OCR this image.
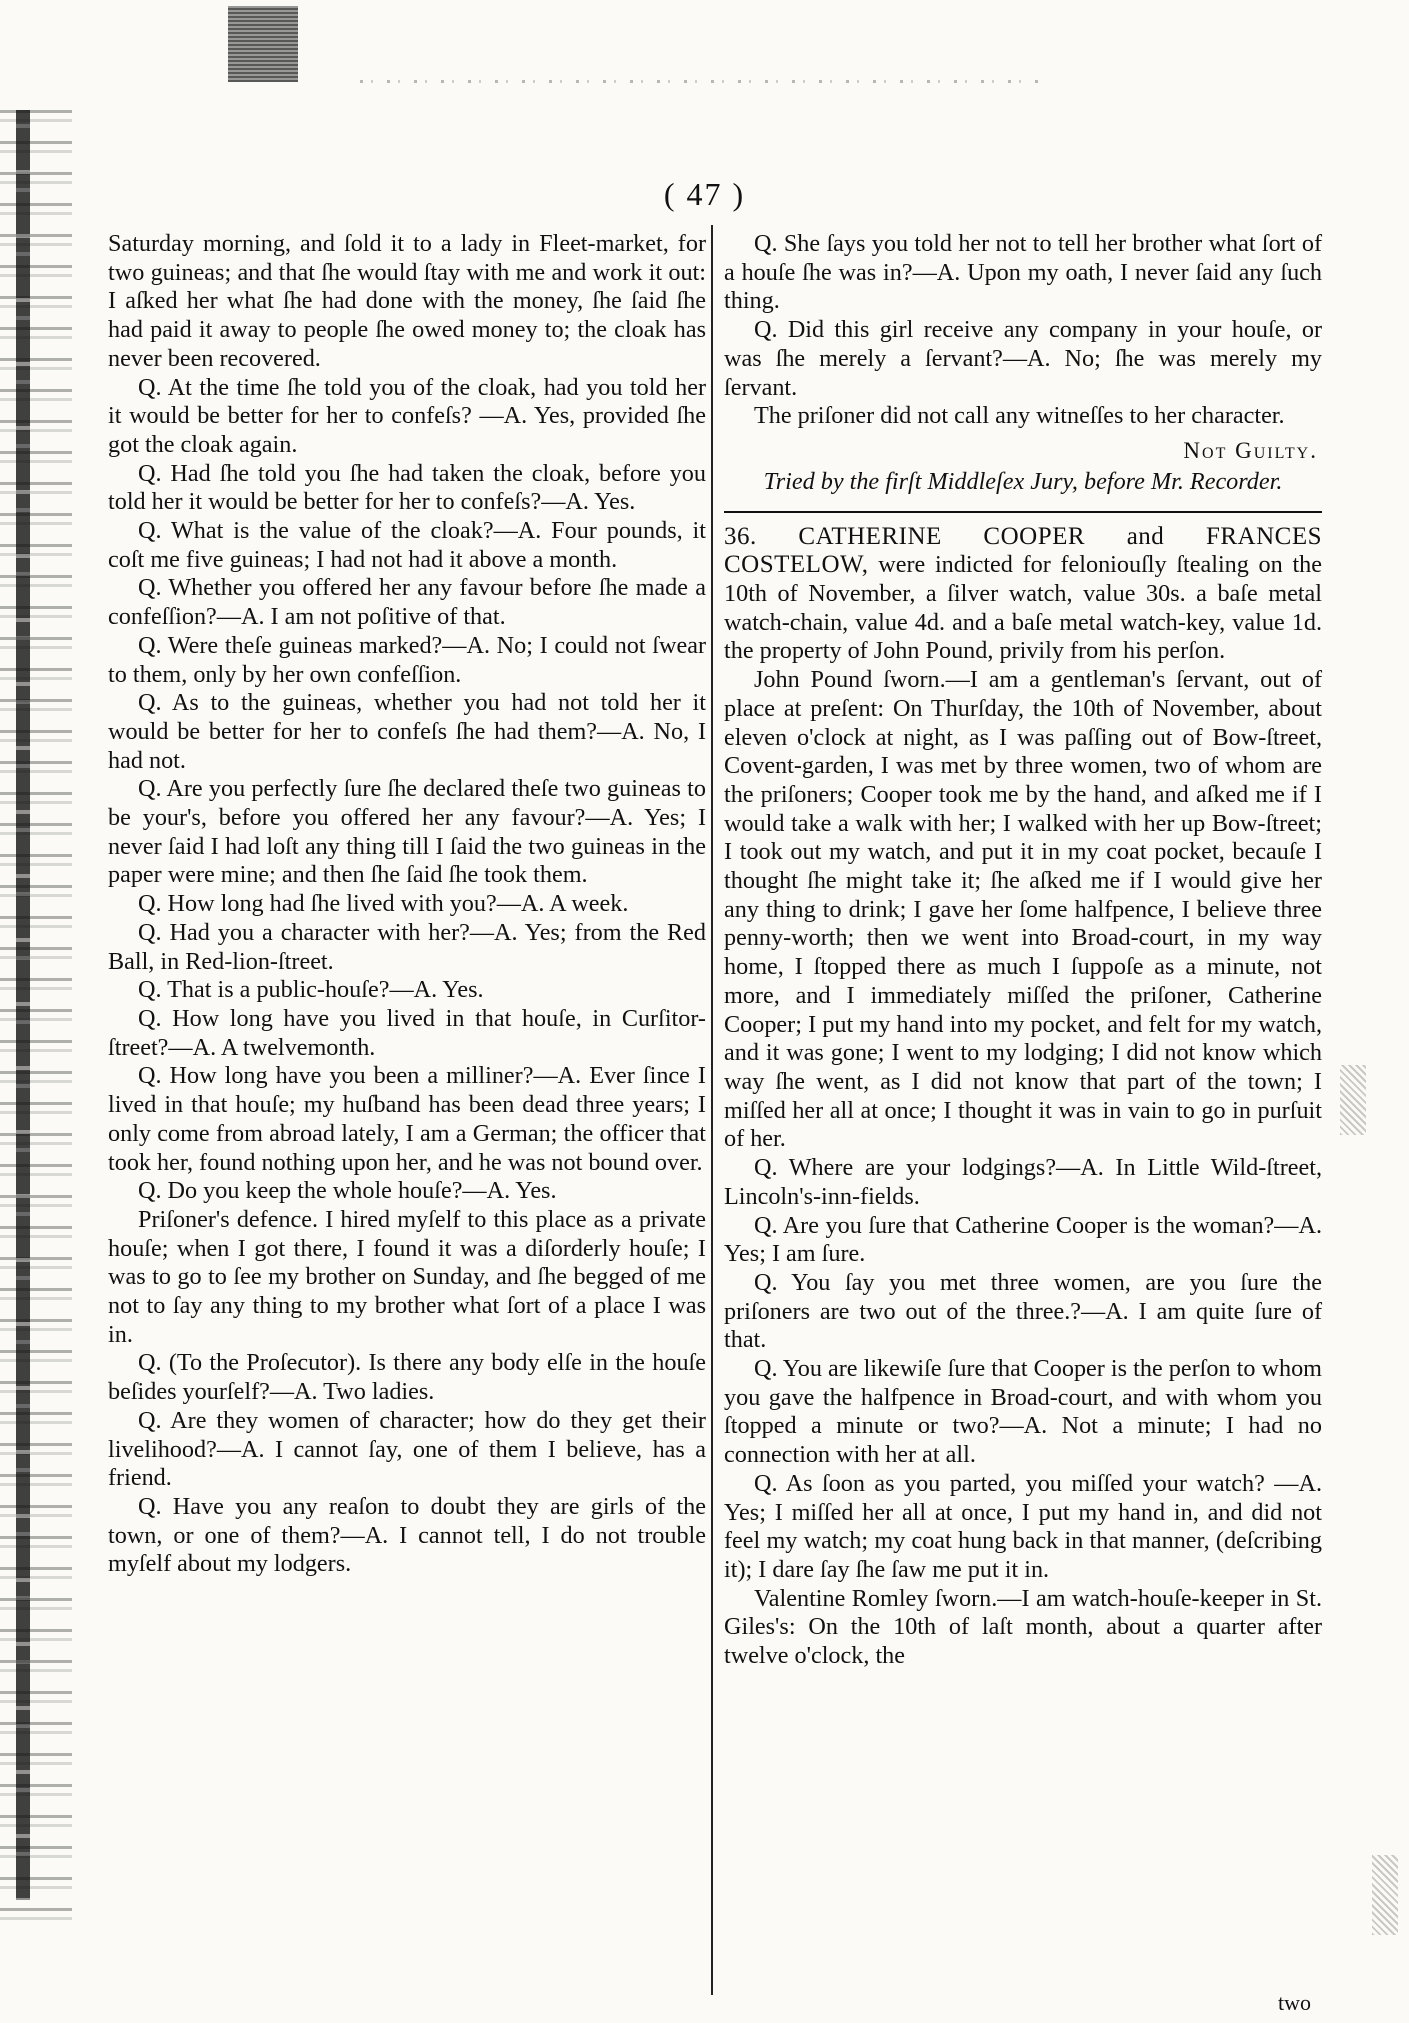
( 47 )

Saturday morning, and ſold it to a lady in Fleet-market, for two guineas; and that ſhe would ſtay with me and work it out: I aſked her what ſhe had done with the money, ſhe ſaid ſhe had paid it away to people ſhe owed money to; the cloak has never been recovered.

Q. At the time ſhe told you of the cloak, had you told her it would be better for her to confeſs? —A. Yes, provided ſhe got the cloak again.

Q. Had ſhe told you ſhe had taken the cloak, before you told her it would be better for her to confeſs?—A. Yes.

Q. What is the value of the cloak?—A. Four pounds, it coſt me five guineas; I had not had it above a month.

Q. Whether you offered her any favour before ſhe made a confeſſion?—A. I am not poſitive of that.

Q. Were theſe guineas marked?—A. No; I could not ſwear to them, only by her own confeſſion.

Q. As to the guineas, whether you had not told her it would be better for her to confeſs ſhe had them?—A. No, I had not.

Q. Are you perfectly ſure ſhe declared theſe two guineas to be your's, before you offered her any favour?—A. Yes; I never ſaid I had loſt any thing till I ſaid the two guineas in the paper were mine; and then ſhe ſaid ſhe took them.

Q. How long had ſhe lived with you?—A. A week.

Q. Had you a character with her?—A. Yes; from the Red Ball, in Red-lion-ſtreet.

Q. That is a public-houſe?—A. Yes.

Q. How long have you lived in that houſe, in Curſitor-ſtreet?—A. A twelvemonth.

Q. How long have you been a milliner?—A. Ever ſince I lived in that houſe; my huſband has been dead three years; I only come from abroad lately, I am a German; the officer that took her, found nothing upon her, and he was not bound over.

Q. Do you keep the whole houſe?—A. Yes.

Priſoner's defence. I hired myſelf to this place as a private houſe; when I got there, I found it was a diſorderly houſe; I was to go to ſee my brother on Sunday, and ſhe begged of me not to ſay any thing to my brother what ſort of a place I was in.

Q. (To the Proſecutor). Is there any body elſe in the houſe beſides yourſelf?—A. Two ladies.

Q. Are they women of character; how do they get their livelihood?—A. I cannot ſay, one of them I believe, has a friend.

Q. Have you any reaſon to doubt they are girls of the town, or one of them?—A. I cannot tell, I do not trouble myſelf about my lodgers.

Q. She ſays you told her not to tell her brother what ſort of a houſe ſhe was in?—A. Upon my oath, I never ſaid any ſuch thing.

Q. Did this girl receive any company in your houſe, or was ſhe merely a ſervant?—A. No; ſhe was merely my ſervant.

The priſoner did not call any witneſſes to her character.

Not Guilty.

Tried by the firſt Middleſex Jury, before Mr. Recorder.

36. CATHERINE COOPER and FRANCES COSTELOW, were indicted for feloniouſly ſtealing on the 10th of November, a ſilver watch, value 30s. a baſe metal watch-chain, value 4d. and a baſe metal watch-key, value 1d. the property of John Pound, privily from his perſon.

John Pound ſworn.—I am a gentleman's ſervant, out of place at preſent: On Thurſday, the 10th of November, about eleven o'clock at night, as I was paſſing out of Bow-ſtreet, Covent-garden, I was met by three women, two of whom are the priſoners; Cooper took me by the hand, and aſked me if I would take a walk with her; I walked with her up Bow-ſtreet; I took out my watch, and put it in my coat pocket, becauſe I thought ſhe might take it; ſhe aſked me if I would give her any thing to drink; I gave her ſome halfpence, I believe three penny-worth; then we went into Broad-court, in my way home, I ſtopped there as much I ſuppoſe as a minute, not more, and I immediately miſſed the priſoner, Catherine Cooper; I put my hand into my pocket, and felt for my watch, and it was gone; I went to my lodging; I did not know which way ſhe went, as I did not know that part of the town; I miſſed her all at once; I thought it was in vain to go in purſuit of her.

Q. Where are your lodgings?—A. In Little Wild-ſtreet, Lincoln's-inn-fields.

Q. Are you ſure that Catherine Cooper is the woman?—A. Yes; I am ſure.

Q. You ſay you met three women, are you ſure the priſoners are two out of the three.?—A. I am quite ſure of that.

Q. You are likewiſe ſure that Cooper is the perſon to whom you gave the halfpence in Broad-court, and with whom you ſtopped a minute or two?—A. Not a minute; I had no connection with her at all.

Q. As ſoon as you parted, you miſſed your watch? —A. Yes; I miſſed her all at once, I put my hand in, and did not feel my watch; my coat hung back in that manner, (deſcribing it); I dare ſay ſhe ſaw me put it in.

Valentine Romley ſworn.—I am watch-houſe-keeper in St. Giles's: On the 10th of laſt month, about a quarter after twelve o'clock, the

two
